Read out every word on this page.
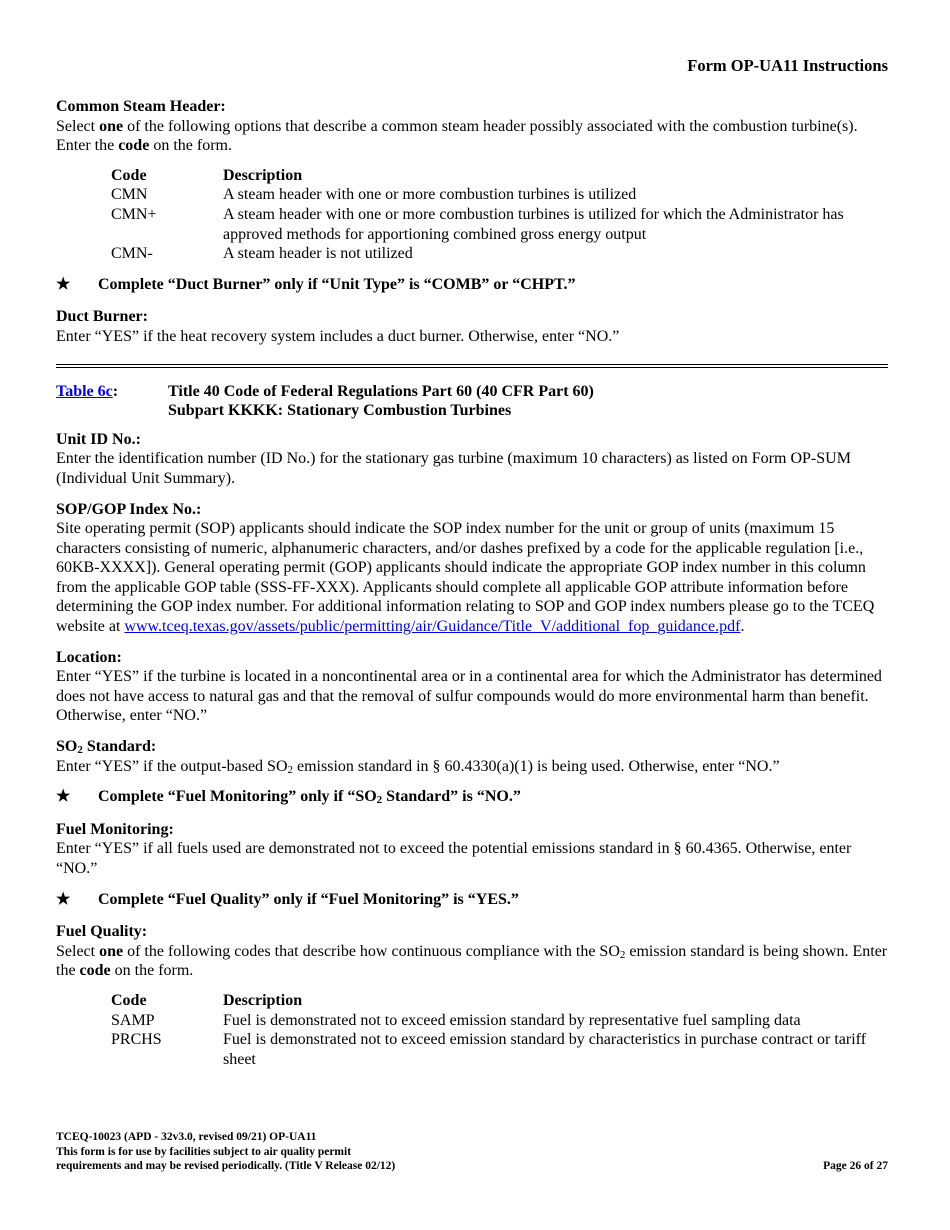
Form OP-UA11 Instructions

Common Steam Header:

Select one of the following options that describe a common steam header possibly associated with the combustion turbine(s). Enter the code on the form.

Code	Description
CMN	A steam header with one or more combustion turbines is utilized
CMN+	A steam header with one or more combustion turbines is utilized for which the Administrator has approved methods for apportioning combined gross energy output
CMN-	A steam header is not utilized
★	Complete “Duct Burner” only if “Unit Type” is “COMB” or “CHPT.”

Duct Burner:

Enter “YES” if the heat recovery system includes a duct burner. Otherwise, enter “NO.”

Table 6c:	Title 40 Code of Federal Regulations Part 60 (40 CFR Part 60)
Subpart KKKK: Stationary Combustion Turbines

Unit ID No.:

Enter the identification number (ID No.) for the stationary gas turbine (maximum 10 characters) as listed on Form OP-SUM (Individual Unit Summary).

SOP/GOP Index No.:

Site operating permit (SOP) applicants should indicate the SOP index number for the unit or group of units (maximum 15 characters consisting of numeric, alphanumeric characters, and/or dashes prefixed by a code for the applicable regulation [i.e., 60KB-XXXX]). General operating permit (GOP) applicants should indicate the appropriate GOP index number in this column from the applicable GOP table (SSS-FF-XXX). Applicants should complete all applicable GOP attribute information before determining the GOP index number. For additional information relating to SOP and GOP index numbers please go to the TCEQ website at www.tceq.texas.gov/assets/public/permitting/air/Guidance/Title_V/additional_fop_guidance.pdf.

Location:

Enter “YES” if the turbine is located in a noncontinental area or in a continental area for which the Administrator has determined does not have access to natural gas and that the removal of sulfur compounds would do more environmental harm than benefit. Otherwise, enter “NO.”

$SO_2$ Standard:

Enter “YES” if the output-based $SO_2$ emission standard in § 60.4330(a)(1) is being used. Otherwise, enter “NO.”

★	Complete “Fuel Monitoring” only if “$SO_2$ Standard” is “NO.”

Fuel Monitoring:

Enter “YES” if all fuels used are demonstrated not to exceed the potential emissions standard in § 60.4365. Otherwise, enter “NO.”

★	Complete “Fuel Quality” only if “Fuel Monitoring” is “YES.”

Fuel Quality:

Select one of the following codes that describe how continuous compliance with the $SO_2$ emission standard is being shown. Enter the code on the form.

Code	Description
SAMP	Fuel is demonstrated not to exceed emission standard by representative fuel sampling data
PRCHS	Fuel is demonstrated not to exceed emission standard by characteristics in purchase contract or tariff sheet
TCEQ-10023 (APD - 32v3.0, revised 09/21) OP-UA11
This form is for use by facilities subject to air quality permit
requirements and may be revised periodically. (Title V Release 02/12)	Page 26 of 27
